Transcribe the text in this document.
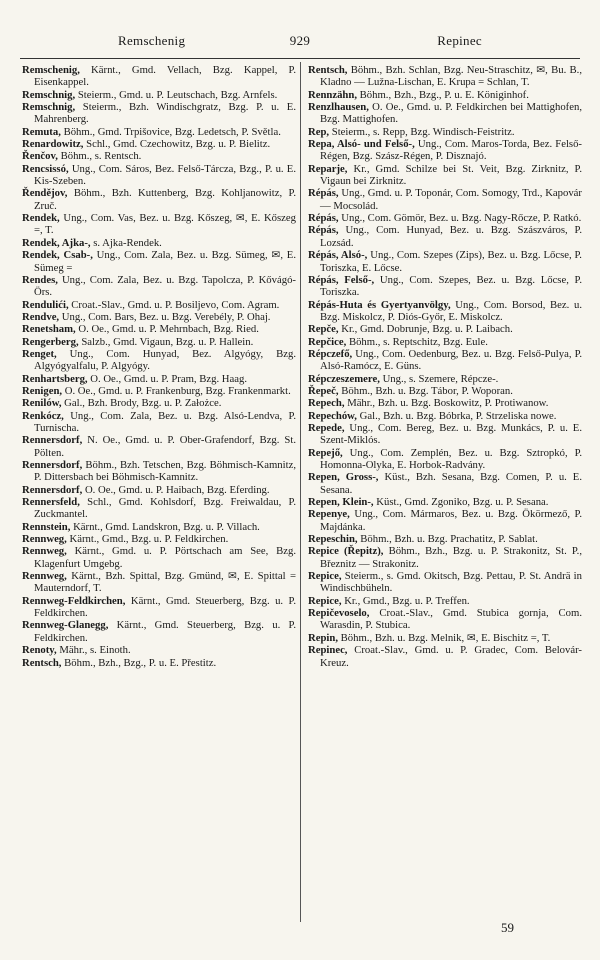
Remschenig	929	Repinec

Remschenig, Kärnt., Gmd. Vellach, Bzg. Kappel, P. Eisenkappel.

Remschnig, Steierm., Gmd. u. P. Leutschach, Bzg. Arnfels.

Remschnig, Steierm., Bzh. Windischgratz, Bzg. P. u. E. Mahrenberg.

Remuta, Böhm., Gmd. Trpišovice, Bzg. Ledetsch, P. Světla.

Renardowitz, Schl., Gmd. Czechowitz, Bzg. u. P. Bielitz.

Řenčov, Böhm., s. Rentsch.

Rencsissó, Ung., Com. Sáros, Bez. Felső-Tárcza, Bzg., P. u. E. Kis-Szeben.

Řendějov, Böhm., Bzh. Kuttenberg, Bzg. Kohljanowitz, P. Zruč.

Rendek, Ung., Com. Vas, Bez. u. Bzg. Kőszeg, ✉, E. Kőszeg =, T.

Rendek, Ajka-, s. Ajka-Rendek.

Rendek, Csab-, Ung., Com. Zala, Bez. u. Bzg. Sümeg, ✉, E. Sümeg =

Rendes, Ung., Com. Zala, Bez. u. Bzg. Tapolcza, P. Kővágó-Örs.

Rendulići, Croat.-Slav., Gmd. u. P. Bosiljevo, Com. Agram.

Rendve, Ung., Com. Bars, Bez. u. Bzg. Verebély, P. Ohaj.

Renetsham, O. Oe., Gmd. u. P. Mehrnbach, Bzg. Ried.

Rengerberg, Salzb., Gmd. Vigaun, Bzg. u. P. Hallein.

Renget, Ung., Com. Hunyad, Bez. Algyógy, Bzg. Algyógyalfalu, P. Algyógy.

Renhartsberg, O. Oe., Gmd. u. P. Pram, Bzg. Haag.

Renigen, O. Oe., Gmd. u. P. Frankenburg, Bzg. Frankenmarkt.

Renilów, Gal., Bzh. Brody, Bzg. u. P. Założce.

Renkócz, Ung., Com. Zala, Bez. u. Bzg. Alsó-Lendva, P. Turnischa.

Rennersdorf, N. Oe., Gmd. u. P. Ober-Grafendorf, Bzg. St. Pölten.

Rennersdorf, Böhm., Bzh. Tetschen, Bzg. Böhmisch-Kamnitz, P. Dittersbach bei Böhmisch-Kamnitz.

Rennersdorf, O. Oe., Gmd. u. P. Haibach, Bzg. Eferding.

Rennersfeld, Schl., Gmd. Kohlsdorf, Bzg. Freiwaldau, P. Zuckmantel.

Rennstein, Kärnt., Gmd. Landskron, Bzg. u. P. Villach.

Rennweg, Kärnt., Gmd., Bzg. u. P. Feldkirchen.

Rennweg, Kärnt., Gmd. u. P. Pörtschach am See, Bzg. Klagenfurt Umgebg.

Rennweg, Kärnt., Bzh. Spittal, Bzg. Gmünd, ✉, E. Spittal = Mauterndorf, T.

Rennweg-Feldkirchen, Kärnt., Gmd. Steuerberg, Bzg. u. P. Feldkirchen.

Rennweg-Glanegg, Kärnt., Gmd. Steuerberg, Bzg. u. P. Feldkirchen.

Renoty, Mähr., s. Einoth.

Rentsch, Böhm., Bzh., Bzg., P. u. E. Přestitz.

Rentsch, Böhm., Bzh. Schlan, Bzg. Neu-Straschitz, ✉, Bu. B., Kladno — Lužna-Lischan, E. Krupa = Schlan, T.

Rennzähn, Böhm., Bzh., Bzg., P. u. E. Königinhof.

Renzlhausen, O. Oe., Gmd. u. P. Feldkirchen bei Mattighofen, Bzg. Mattighofen.

Rep, Steierm., s. Repp, Bzg. Windisch-Feistritz.

Repa, Alsó- und Felső-, Ung., Com. Maros-Torda, Bez. Felső-Régen, Bzg. Szász-Régen, P. Disznajó.

Reparje, Kr., Gmd. Schilze bei St. Veit, Bzg. Zirknitz, P. Vigaun bei Zirknitz.

Répás, Ung., Gmd. u. P. Toponár, Com. Somogy, Trd., Kapovár — Mocsolád.

Répás, Ung., Com. Gömör, Bez. u. Bzg. Nagy-Rőcze, P. Ratkó.

Répás, Ung., Com. Hunyad, Bez. u. Bzg. Szászváros, P. Lozsád.

Répás, Alsó-, Ung., Com. Szepes (Zips), Bez. u. Bzg. Lőcse, P. Toriszka, E. Lőcse.

Répás, Felső-, Ung., Com. Szepes, Bez. u. Bzg. Lőcse, P. Toriszka.

Répás-Huta és Gyertyanvölgy, Ung., Com. Borsod, Bez. u. Bzg. Miskolcz, P. Diós-Győr, E. Miskolcz.

Repče, Kr., Gmd. Dobrunje, Bzg. u. P. Laibach.

Repčice, Böhm., s. Reptschitz, Bzg. Eule.

Répczefő, Ung., Com. Oedenburg, Bez. u. Bzg. Felső-Pulya, P. Alsó-Ramócz, E. Güns.

Répczeszemere, Ung., s. Szemere, Répcze-.

Řepeč, Böhm., Bzh. u. Bzg. Tábor, P. Woporan.

Repech, Mähr., Bzh. u. Bzg. Boskowitz, P. Protiwanow.

Repechów, Gal., Bzh. u. Bzg. Bóbrka, P. Strzeliska nowe.

Repede, Ung., Com. Bereg, Bez. u. Bzg. Munkács, P. u. E. Szent-Miklós.

Repejő, Ung., Com. Zemplén, Bez. u. Bzg. Sztropkó, P. Homonna-Olyka, E. Horbok-Radvány.

Repen, Gross-, Küst., Bzh. Sesana, Bzg. Comen, P. u. E. Sesana.

Repen, Klein-, Küst., Gmd. Zgoniko, Bzg. u. P. Sesana.

Repenye, Ung., Com. Mármaros, Bez. u. Bzg. Ökörmező, P. Majdánka.

Repeschin, Böhm., Bzh. u. Bzg. Prachatitz, P. Sablat.

Repice (Řepitz), Böhm., Bzh., Bzg. u. P. Strakonitz, St. P., Březnitz — Strakonitz.

Repice, Steierm., s. Gmd. Okitsch, Bzg. Pettau, P. St. Andrä in Windischbüheln.

Repice, Kr., Gmd., Bzg. u. P. Treffen.

Repičevoselo, Croat.-Slav., Gmd. Stubica gornja, Com. Warasdin, P. Stubica.

Repin, Böhm., Bzh. u. Bzg. Melnik, ✉, E. Bischitz =, T.

Repinec, Croat.-Slav., Gmd. u. P. Gradec, Com. Belovár-Kreuz.

59
